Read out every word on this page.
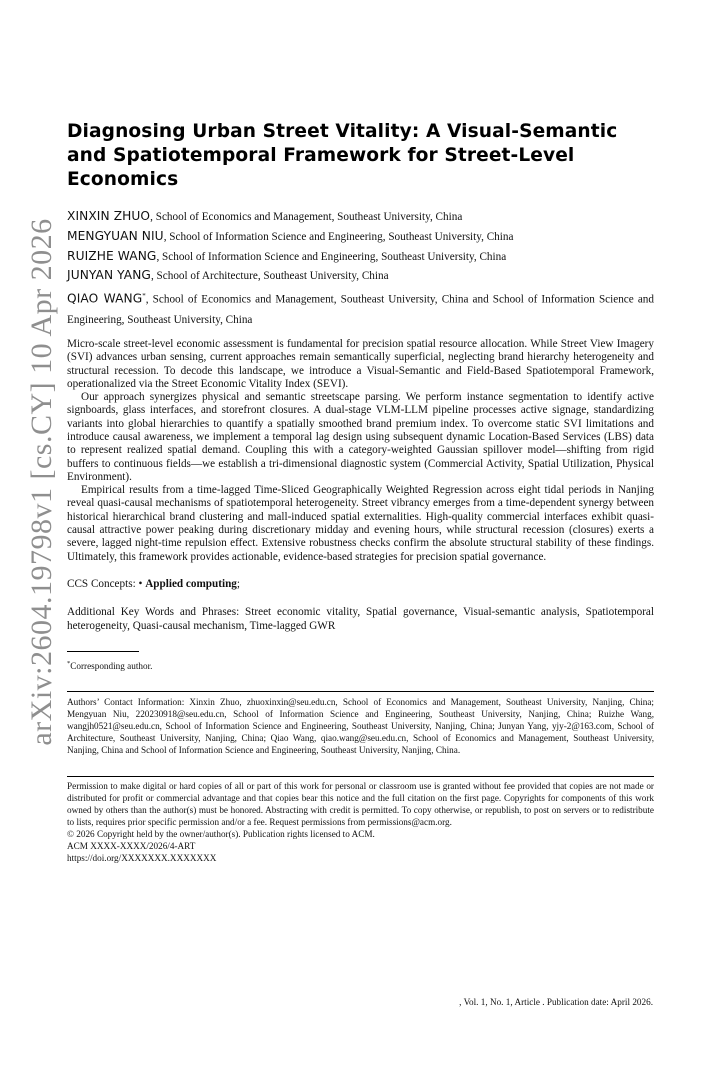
arXiv:2604.19798v1 [cs.CY] 10 Apr 2026
Diagnosing Urban Street Vitality: A Visual-Semantic and Spatiotemporal Framework for Street-Level Economics
XINXIN ZHUO, School of Economics and Management, Southeast University, China
MENGYUAN NIU, School of Information Science and Engineering, Southeast University, China
RUIZHE WANG, School of Information Science and Engineering, Southeast University, China
JUNYAN YANG, School of Architecture, Southeast University, China
QIAO WANG*, School of Economics and Management, Southeast University, China and School of Information Science and Engineering, Southeast University, China

Micro-scale street-level economic assessment is fundamental for precision spatial resource allocation. While Street View Imagery (SVI) advances urban sensing, current approaches remain semantically superficial, neglecting brand hierarchy heterogeneity and structural recession. To decode this landscape, we introduce a Visual-Semantic and Field-Based Spatiotemporal Framework, operationalized via the Street Economic Vitality Index (SEVI).

Our approach synergizes physical and semantic streetscape parsing. We perform instance segmentation to identify active signboards, glass interfaces, and storefront closures. A dual-stage VLM-LLM pipeline processes active signage, standardizing variants into global hierarchies to quantify a spatially smoothed brand premium index. To overcome static SVI limitations and introduce causal awareness, we implement a temporal lag design using subsequent dynamic Location-Based Services (LBS) data to represent realized spatial demand. Coupling this with a category-weighted Gaussian spillover model—shifting from rigid buffers to continuous fields—we establish a tri-dimensional diagnostic system (Commercial Activity, Spatial Utilization, Physical Environment).

Empirical results from a time-lagged Time-Sliced Geographically Weighted Regression across eight tidal periods in Nanjing reveal quasi-causal mechanisms of spatiotemporal heterogeneity. Street vibrancy emerges from a time-dependent synergy between historical hierarchical brand clustering and mall-induced spatial externalities. High-quality commercial interfaces exhibit quasi-causal attractive power peaking during discretionary midday and evening hours, while structural recession (closures) exerts a severe, lagged night-time repulsion effect. Extensive robustness checks confirm the absolute structural stability of these findings. Ultimately, this framework provides actionable, evidence-based strategies for precision spatial governance.

CCS Concepts: • Applied computing;
Additional Key Words and Phrases: Street economic vitality, Spatial governance, Visual-semantic analysis, Spatiotemporal heterogeneity, Quasi-causal mechanism, Time-lagged GWR
*Corresponding author.
Authors’ Contact Information: Xinxin Zhuo, zhuoxinxin@seu.edu.cn, School of Economics and Management, Southeast University, Nanjing, China; Mengyuan Niu, 220230918@seu.edu.cn, School of Information Science and Engineering, Southeast University, Nanjing, China; Ruizhe Wang, wangjh0521@seu.edu.cn, School of Information Science and Engineering, Southeast University, Nanjing, China; Junyan Yang, yjy-2@163.com, School of Architecture, Southeast University, Nanjing, China; Qiao Wang, qiao.wang@seu.edu.cn, School of Economics and Management, Southeast University, Nanjing, China and School of Information Science and Engineering, Southeast University, Nanjing, China.
Permission to make digital or hard copies of all or part of this work for personal or classroom use is granted without fee provided that copies are not made or distributed for profit or commercial advantage and that copies bear this notice and the full citation on the first page. Copyrights for components of this work owned by others than the author(s) must be honored. Abstracting with credit is permitted. To copy otherwise, or republish, to post on servers or to redistribute to lists, requires prior specific permission and/or a fee. Request permissions from permissions@acm.org.
© 2026 Copyright held by the owner/author(s). Publication rights licensed to ACM.
ACM XXXX-XXXX/2026/4-ART
https://doi.org/XXXXXXX.XXXXXXX
, Vol. 1, No. 1, Article . Publication date: April 2026.
